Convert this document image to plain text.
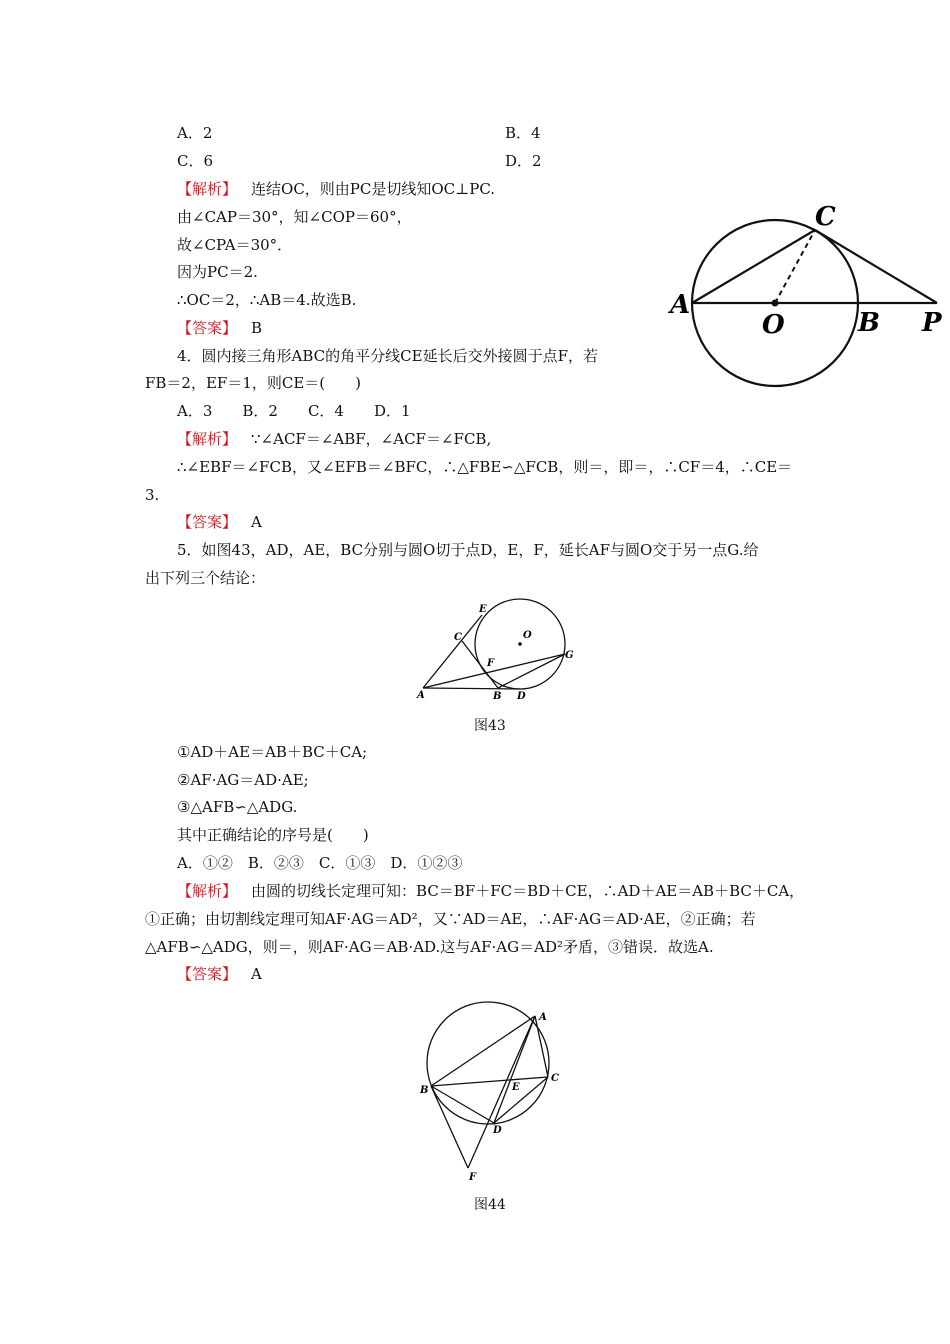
A．2	B．4
C．6	D．2
【解析】 连结OC，则由PC是切线知OC⊥PC.
由∠CAP＝30°，知∠COP＝60°，
故∠CPA＝30°．
因为PC＝2.
∴OC＝2，∴AB＝4.故选B.
【答案】 B
C
A
O	B P
4．圆内接三角形ABC的角平分线CE延长后交外接圆于点F，若
FB＝2，EF＝1，则CE＝(　　)
A．3　　B．2　　C．4　　D．1
【解析】 ∵∠ACF＝∠ABF，∠ACF＝∠FCB,
∴∠EBF＝∠FCB，又∠EFB＝∠BFC，∴△FBE∽△FCB，则＝，即＝，∴CF＝4，∴CE＝
3.
【答案】 A
5．如图43，AD，AE，BC分别与圆O切于点D，E，F，延长AF与圆O交于另一点G.给
出下列三个结论：
E
C	O
F
G
A	B D
图43
①AD＋AE＝AB＋BC＋CA;
②AF·AG＝AD·AE;
③△AFB∽△ADG.
其中正确结论的序号是(　　)
A．①②　B．②③　C．①③　D．①②③
【解析】 由圆的切线长定理可知：BC＝BF＋FC＝BD＋CE，∴AD＋AE＝AB＋BC＋CA，
①正确；由切割线定理可知AF·AG＝AD²，又∵AD＝AE，∴AF·AG＝AD·AE，②正确；若
△AFB∽△ADG，则＝，则AF·AG＝AB·AD.这与AF·AG＝AD²矛盾，③错误．故选A.
【答案】 A
A
B
C
E
D
F
图44
